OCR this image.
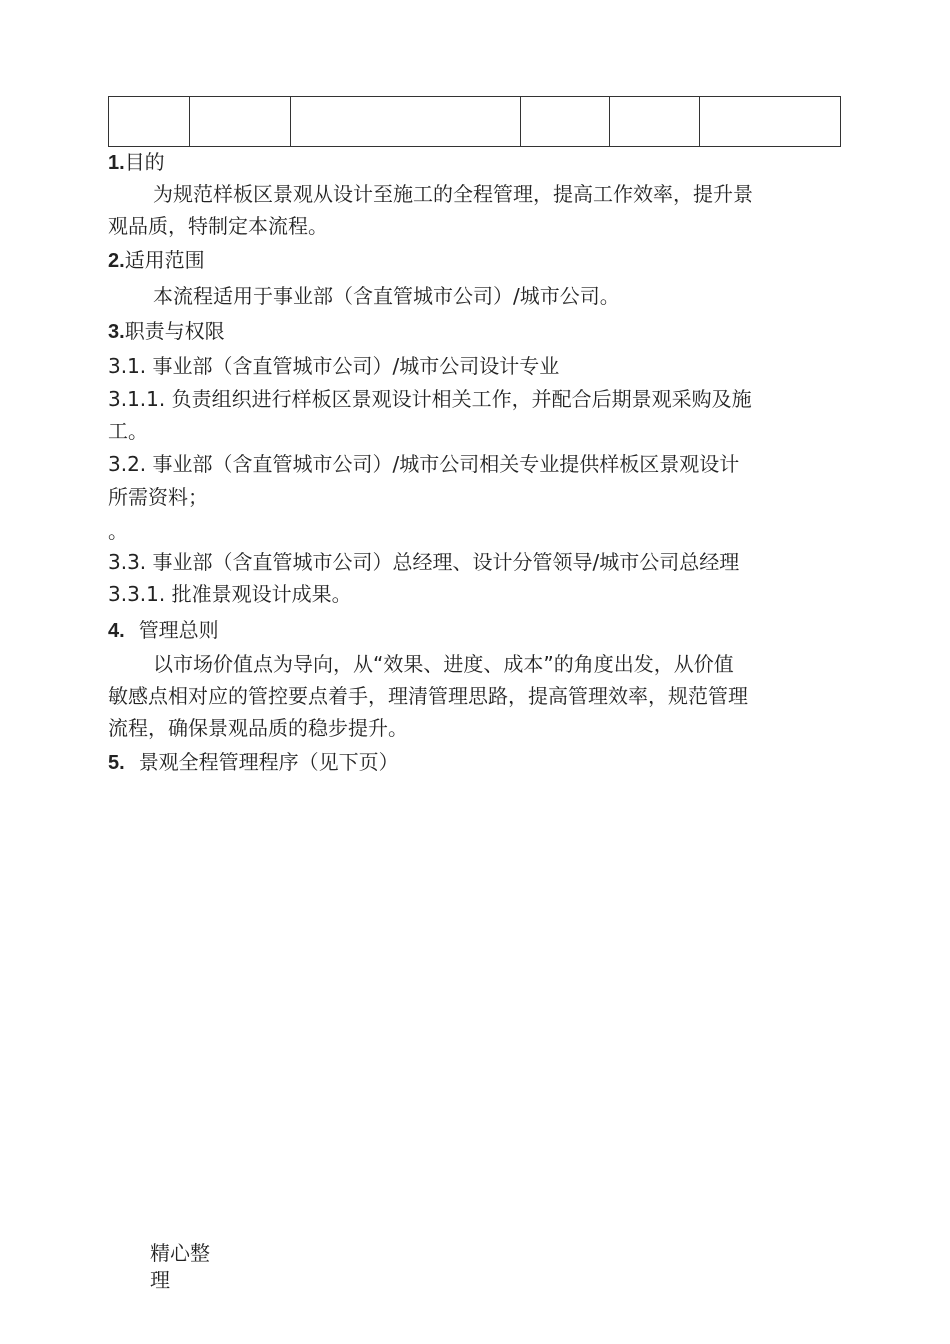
1.目的
为规范样板区景观从设计至施工的全程管理，提高工作效率，提升景
观品质，特制定本流程。
2.适用范围
本流程适用于事业部（含直管城市公司）/城市公司。
3.职责与权限
3.1. 事业部（含直管城市公司）/城市公司设计专业
3.1.1. 负责组织进行样板区景观设计相关工作，并配合后期景观采购及施
工。
3.2. 事业部（含直管城市公司）/城市公司相关专业提供样板区景观设计
所需资料；
。
3.3. 事业部（含直管城市公司）总经理、设计分管领导/城市公司总经理
3.3.1. 批准景观设计成果。
4. 管理总则
以市场价值点为导向，从“效果、进度、成本”的角度出发，从价值
敏感点相对应的管控要点着手，理清管理思路，提高管理效率，规范管理
流程，确保景观品质的稳步提升。
5. 景观全程管理程序（见下页）
精心整
理
